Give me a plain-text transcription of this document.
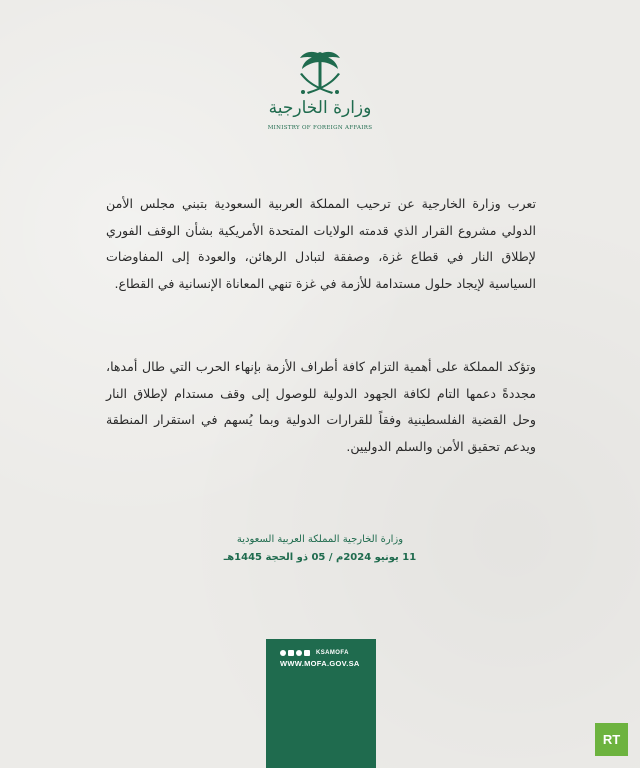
وزارة الخارجية
MINISTRY OF FOREIGN AFFAIRS
تعرب وزارة الخارجية عن ترحيب المملكة العربية السعودية بتبني مجلس الأمن الدولي مشروع القرار الذي قدمته الولايات المتحدة الأمريكية بشأن الوقف الفوري لإطلاق النار في قطاع غزة، وصفقة لتبادل الرهائن، والعودة إلى المفاوضات السياسية لإيجاد حلول مستدامة للأزمة في غزة تنهي المعاناة الإنسانية في القطاع.
وتؤكد المملكة على أهمية التزام كافة أطراف الأزمة بإنهاء الحرب التي طال أمدها، مجددةً دعمها التام لكافة الجهود الدولية للوصول إلى وقف مستدام لإطلاق النار وحل القضية الفلسطينية وفقاً للقرارات الدولية وبما يُسهم في استقرار المنطقة ويدعم تحقيق الأمن والسلم الدوليين.
وزارة الخارجية المملكة العربية السعودية
11 يونيو 2024م / 05 ذو الحجة 1445هـ
KSAMOFA
WWW.MOFA.GOV.SA
RT
